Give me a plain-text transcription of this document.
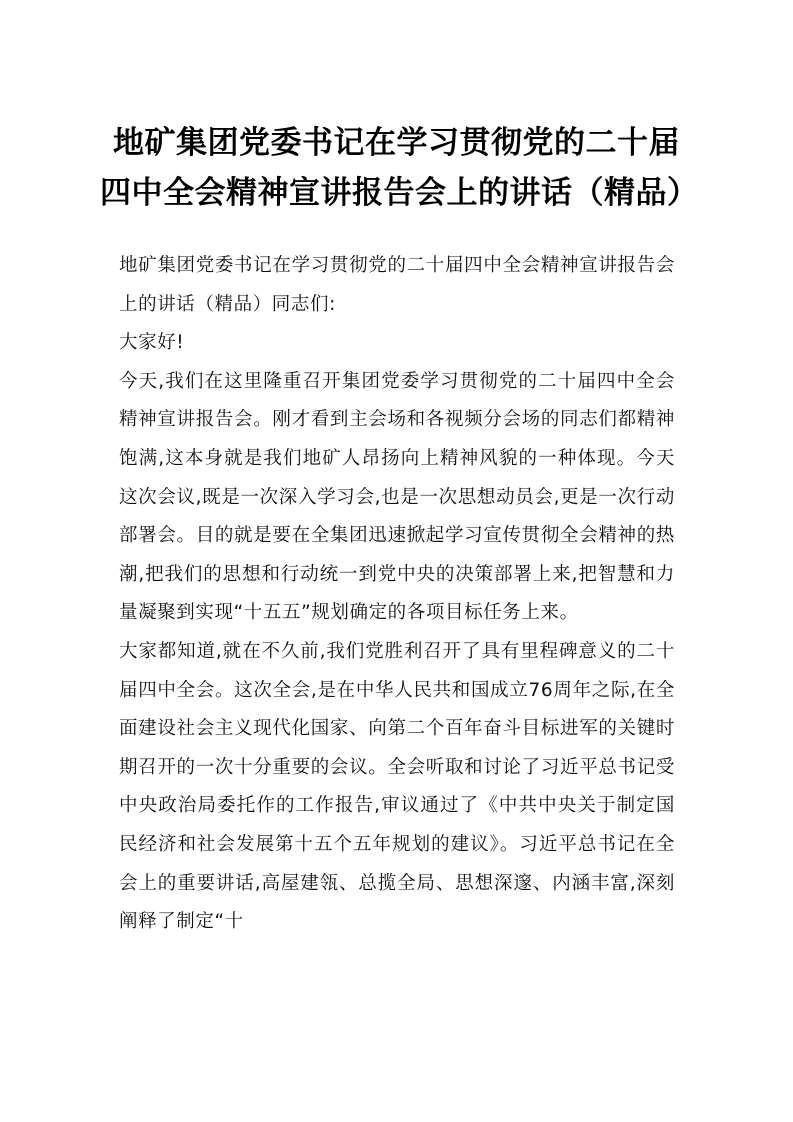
地矿集团党委书记在学习贯彻党的二十届
四中全会精神宣讲报告会上的讲话（精品）

地矿集团党委书记在学习贯彻党的二十届四中全会精神宣讲报告会上的讲话（精品）同志们:

大家好!

今天,我们在这里隆重召开集团党委学习贯彻党的二十届四中全会精神宣讲报告会。刚才看到主会场和各视频分会场的同志们都精神饱满,这本身就是我们地矿人昂扬向上精神风貌的一种体现。今天这次会议,既是一次深入学习会,也是一次思想动员会,更是一次行动部署会。目的就是要在全集团迅速掀起学习宣传贯彻全会精神的热潮,把我们的思想和行动统一到党中央的决策部署上来,把智慧和力量凝聚到实现“十五五”规划确定的各项目标任务上来。

大家都知道,就在不久前,我们党胜利召开了具有里程碑意义的二十届四中全会。这次全会,是在中华人民共和国成立76周年之际,在全面建设社会主义现代化国家、向第二个百年奋斗目标进军的关键时期召开的一次十分重要的会议。全会听取和讨论了习近平总书记受中央政治局委托作的工作报告,审议通过了《中共中央关于制定国民经济和社会发展第十五个五年规划的建议》。习近平总书记在全会上的重要讲话,高屋建瓴、总揽全局、思想深邃、内涵丰富,深刻阐释了制定“十
